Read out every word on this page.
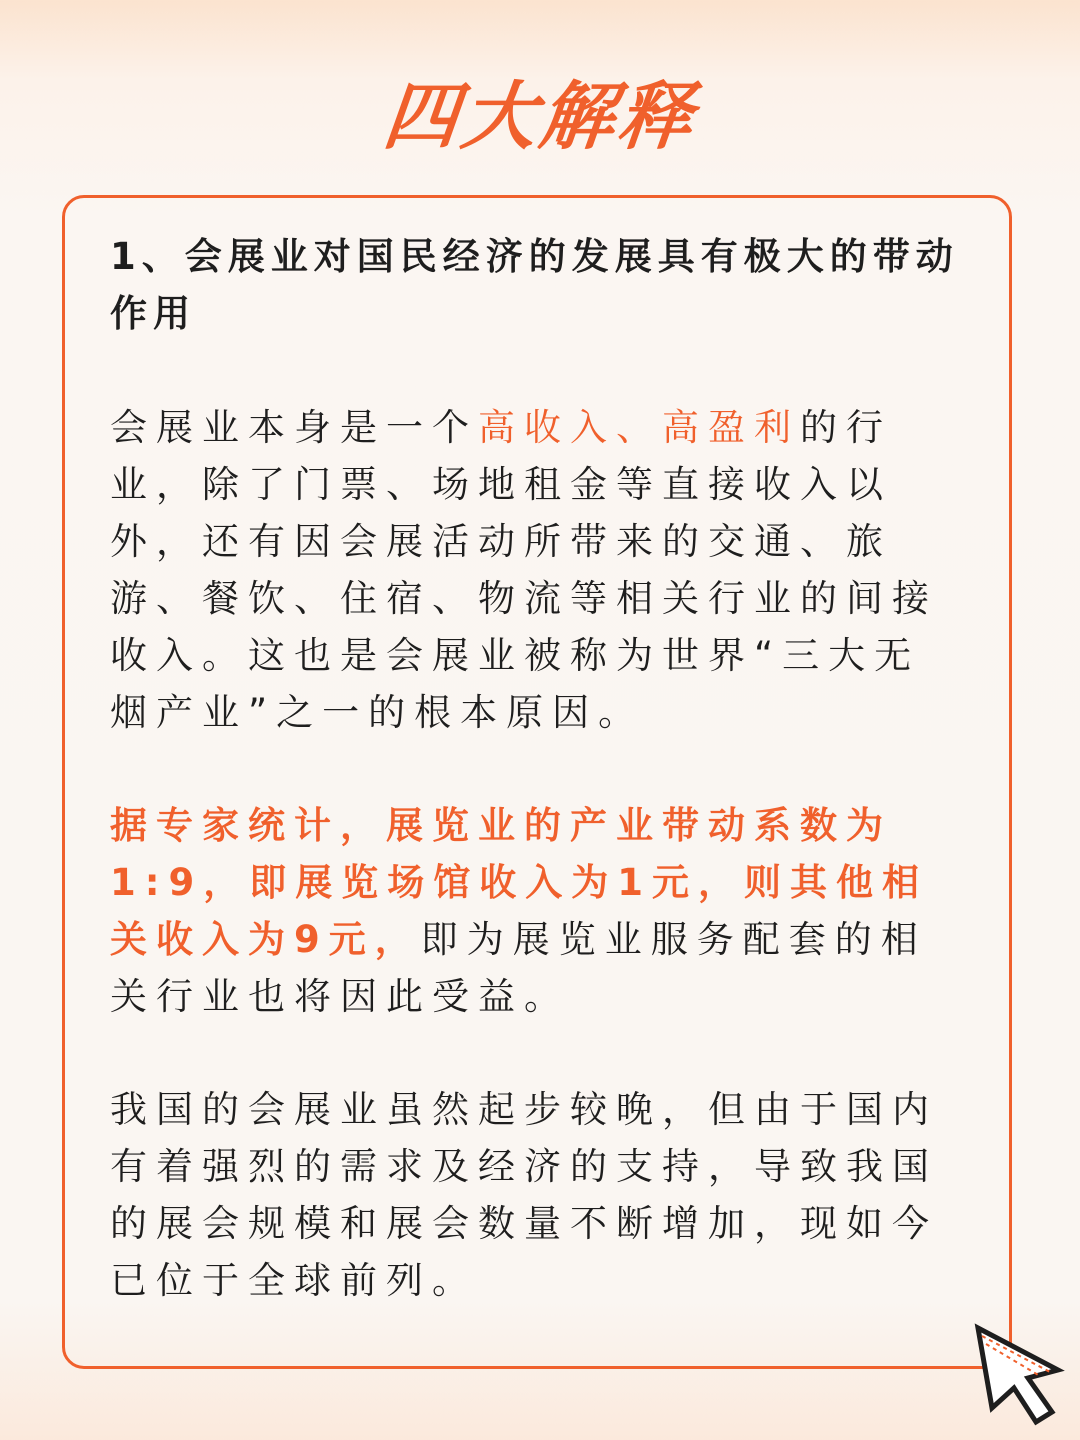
四大解释

1、会展业对国民经济的发展具有极大的带动作用

会展业本身是一个高收入、高盈利的行业，除了门票、场地租金等直接收入以外，还有因会展活动所带来的交通、旅游、餐饮、住宿、物流等相关行业的间接收入。这也是会展业被称为世界“三大无烟产业”之一的根本原因。

据专家统计，展览业的产业带动系数为1:9，即展览场馆收入为1元，则其他相关收入为9元，即为展览业服务配套的相关行业也将因此受益。

我国的会展业虽然起步较晚，但由于国内有着强烈的需求及经济的支持，导致我国的展会规模和展会数量不断增加，现如今已位于全球前列。
